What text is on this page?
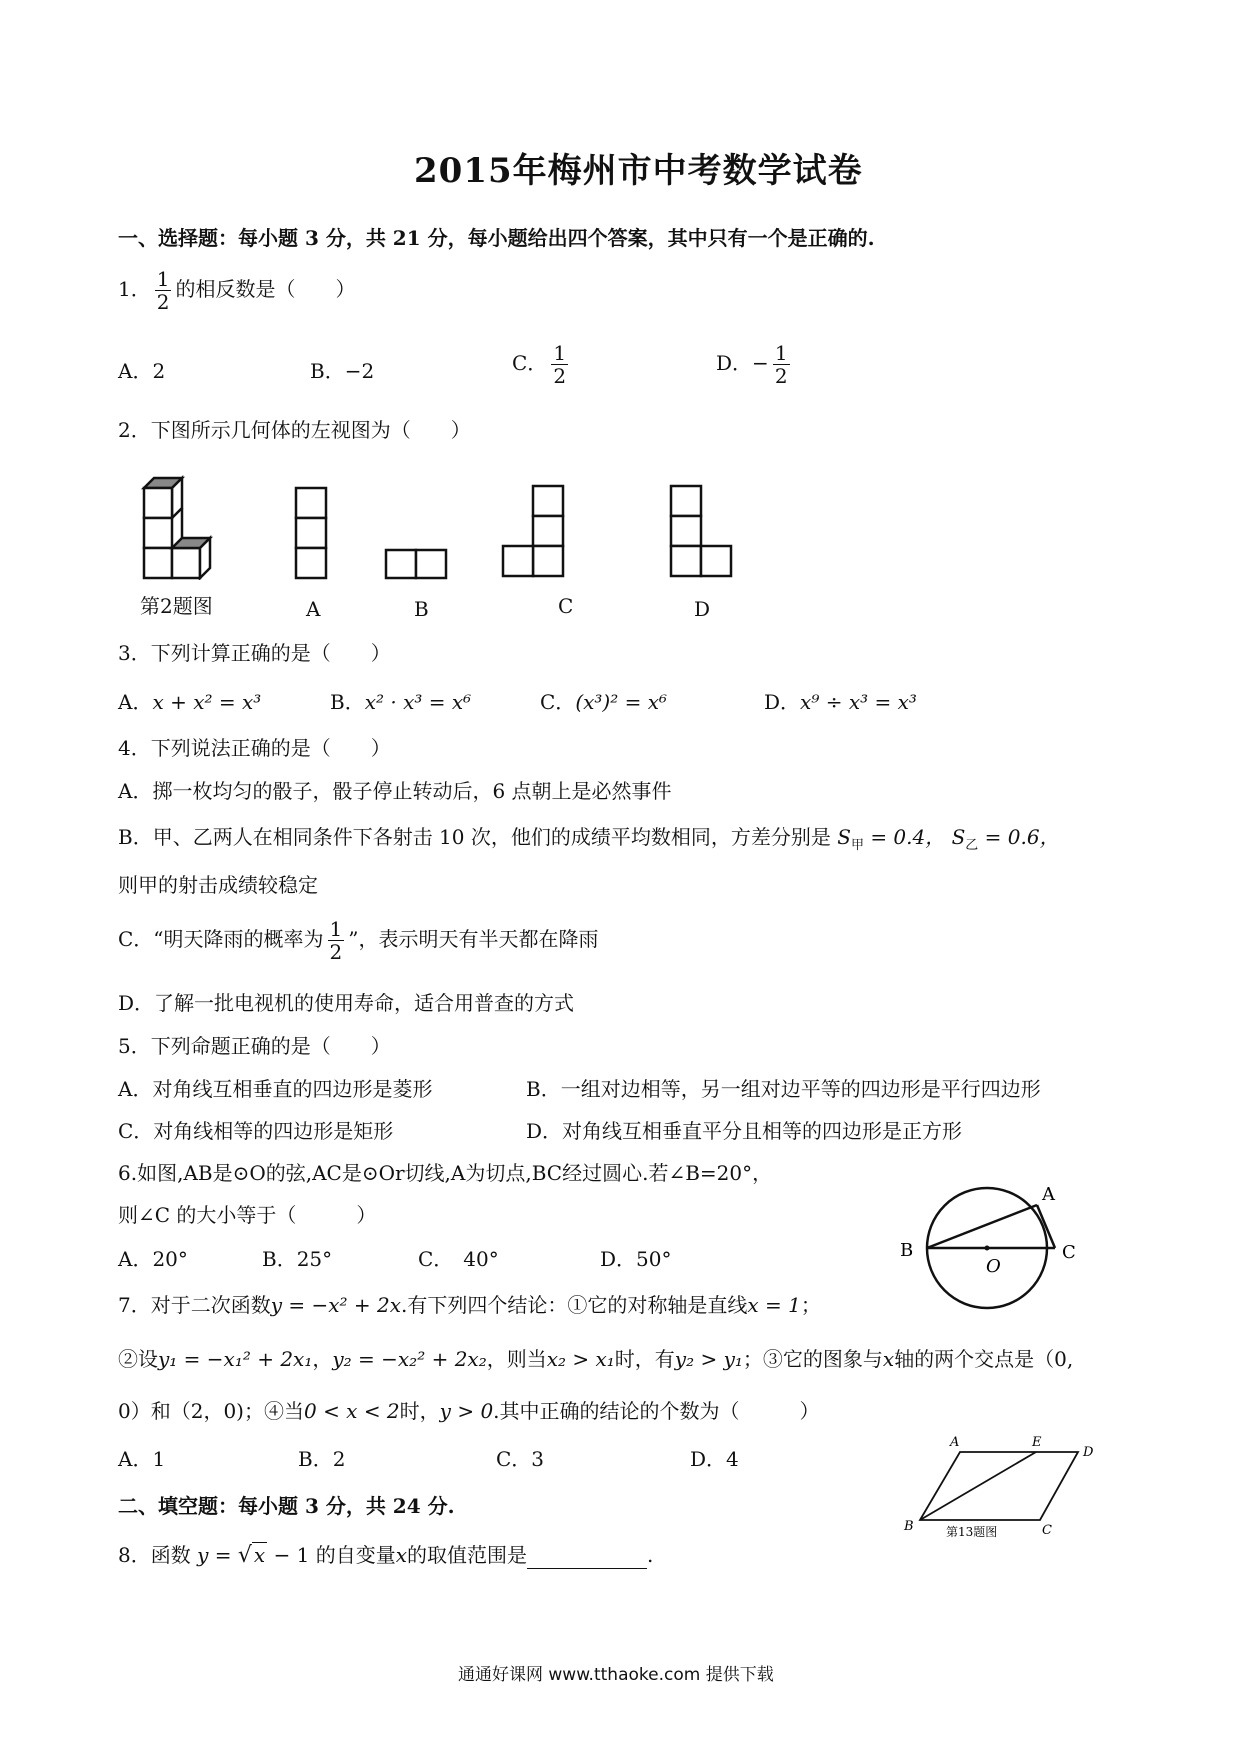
2015年梅州市中考数学试卷
一、选择题：每小题 3 分，共 21 分，每小题给出四个答案，其中只有一个是正确的.
1． $\frac{1}{2}$ 的相反数是（　　）
A．2	B．−2	C． $\frac{1}{2}$	D．− $\frac{1}{2}$
2．下图所示几何体的左视图为（　　）
第2题图	A	B	C	D
3．下列计算正确的是（　　）
A．x + x² = x³	B．x² · x³ = x⁶	C．(x³)² = x⁶	D．x⁹ ÷ x³ = x³
4．下列说法正确的是（　　）
A．掷一枚均匀的骰子，骰子停止转动后，6 点朝上是必然事件
B．甲、乙两人在相同条件下各射击 10 次，他们的成绩平均数相同，方差分别是 $S_甲 = 0.4$， $S_乙 = 0.6$，
则甲的射击成绩较稳定
C．“明天降雨的概率为 $\frac{1}{2}$ ”，表示明天有半天都在降雨
D．了解一批电视机的使用寿命，适合用普查的方式
5．下列命题正确的是（　　）
A．对角线互相垂直的四边形是菱形	B．一组对边相等，另一组对边平等的四边形是平行四边形
C．对角线相等的四边形是矩形	D．对角线互相垂直平分且相等的四边形是正方形
6.如图,AB是⊙O的弦,AC是⊙Or切线,A为切点,BC经过圆心.若∠B=20°，
则∠C 的大小等于（　　　）
A．20°	B．25°	C．　40°	D．50°
A
B	C
O
7．对于二次函数y = −x² + 2x.有下列四个结论：①它的对称轴是直线x = 1；
②设y₁ = −x₁² + 2x₁，y₂ = −x₂² + 2x₂，则当x₂ > x₁时，有y₂ > y₁；③它的图象与x轴的两个交点是（0,
0）和（2，0)；④当0 < x < 2时，y > 0.其中正确的结论的个数为（　　　）
A．1	B．2	C．3	D．4
A	E
D
B	C
第13题图
二、填空题：每小题 3 分，共 24 分.
8．函数 y = √ x − 1 的自变量x的取值范围是	.
通通好课网 www.tthaoke.com 提供下载
